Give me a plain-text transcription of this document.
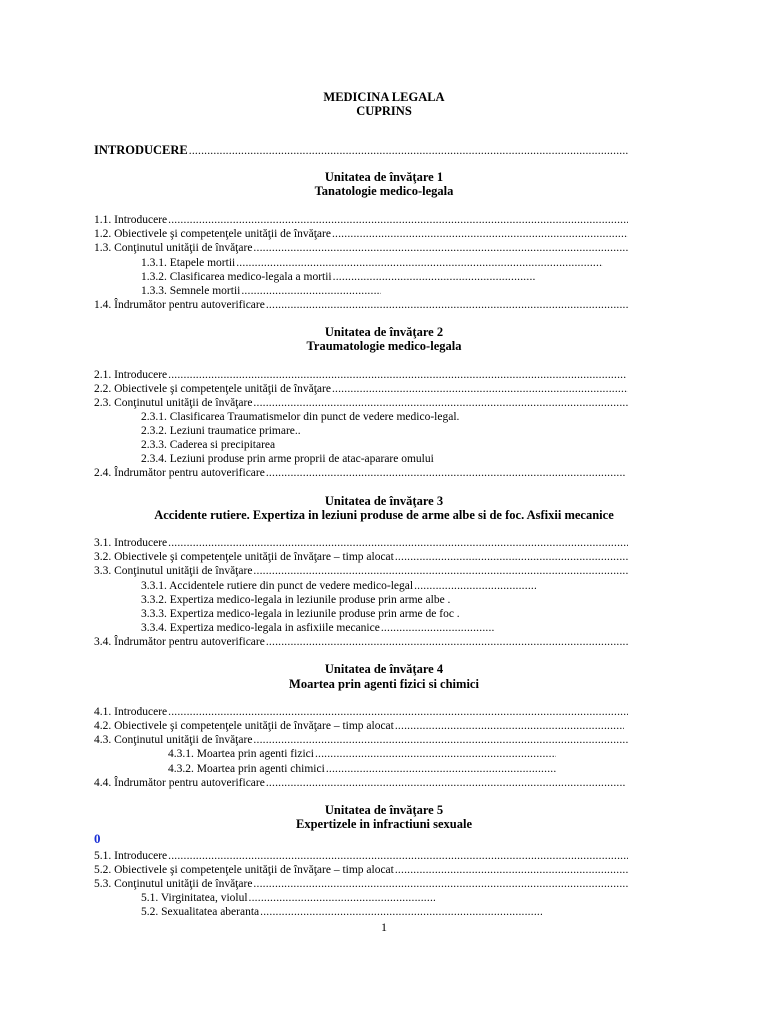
MEDICINA LEGALA
CUPRINS
INTRODUCERE
.....
Unitatea de învăţare 1
Tanatologie medico-legala
1.1. Introducere
.....
1.2. Obiectivele şi competenţele unităţii de învăţare
.....
1.3. Conţinutul unităţii de învăţare
.....
1.3.1. Etapele mortii
.....
1.3.2. Clasificarea medico-legala a mortii
.....
1.3.3. Semnele mortii
.....
1.4. Îndrumător pentru autoverificare
.....
Unitatea de învăţare 2
Traumatologie medico-legala
2.1. Introducere
.....
2.2. Obiectivele şi competenţele unităţii de învăţare
.....
2.3. Conţinutul unităţii de învăţare
.....
2.3.1. Clasificarea Traumatismelor din punct de vedere medico-legal.
2.3.2. Leziuni traumatice primare..
2.3.3. Caderea si precipitarea
2.3.4. Leziuni produse prin arme proprii de atac-aparare omului
2.4. Îndrumător pentru autoverificare
.....
Unitatea de învăţare 3
Accidente rutiere. Expertiza in leziuni produse de arme albe si de foc. Asfixii mecanice
3.1. Introducere
.....
3.2. Obiectivele şi competenţele unităţii de învăţare – timp alocat
.....
3.3. Conţinutul unităţii de învăţare
.....
3.3.1. Accidentele rutiere din punct de vedere medico-legal
.....
3.3.2. Expertiza medico-legala in leziunile produse prin arme albe .
3.3.3. Expertiza medico-legala in leziunile produse prin arme de foc .
3.3.4. Expertiza medico-legala in asfixiile mecanice
.....
3.4. Îndrumător pentru autoverificare
.....
Unitatea de învăţare 4
Moartea prin agenti fizici si chimici
4.1. Introducere
.....
4.2. Obiectivele şi competenţele unităţii de învăţare – timp alocat
.....
4.3. Conţinutul unităţii de învăţare
.....
4.3.1. Moartea prin agenti fizici
.....
4.3.2. Moartea prin agenti chimici
.....
4.4. Îndrumător pentru autoverificare
.....
Unitatea de învăţare 5
Expertizele in infractiuni sexuale
0
5.1. Introducere
.....
5.2. Obiectivele şi competenţele unităţii de învăţare – timp alocat
.....
5.3. Conţinutul unităţii de învăţare
.....
5.1. Virginitatea, violul
.....
5.2. Sexualitatea aberanta
.....
1
